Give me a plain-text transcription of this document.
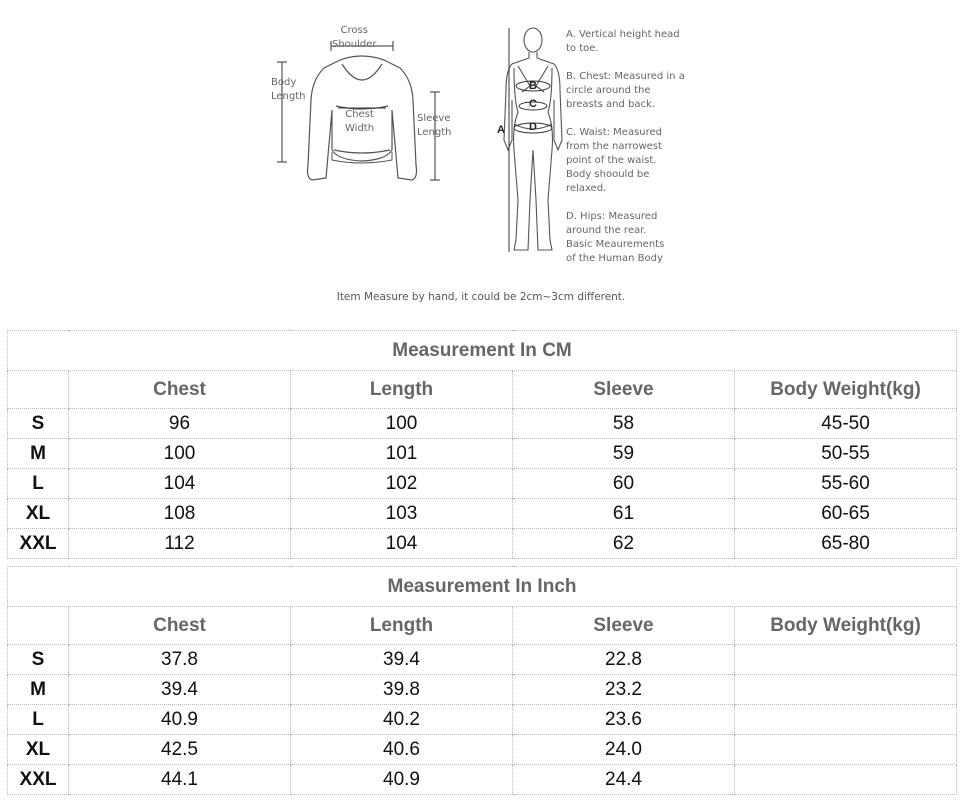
Cross
Shoulder
Body
Length
Chest
Width
Sleeve
Length	A
B
C
D
A. Vertical height head
to toe.
B. Chest: Measured in a
circle around the
breasts and back.
C. Waist: Measured
from the narrowest
point of the waist.
Body shoould be
relaxed.
D. Hips: Measured
around the rear.
Basic Meaurements
of the Human Body
Item Measure by hand, it could be 2cm~3cm different.
Measurement In CM				
	Chest	Length	Sleeve	Body Weight(kg)
S	96	100	58	45-50
M	100	101	59	50-55
L	104	102	60	55-60
XL	108	103	61	60-65
XXL	112	104	62	65-80
Measurement In Inch				
	Chest	Length	Sleeve	Body Weight(kg)
S	37.8	39.4	22.8	
M	39.4	39.8	23.2	
L	40.9	40.2	23.6	
XL	42.5	40.6	24.0	
XXL	44.1	40.9	24.4	
